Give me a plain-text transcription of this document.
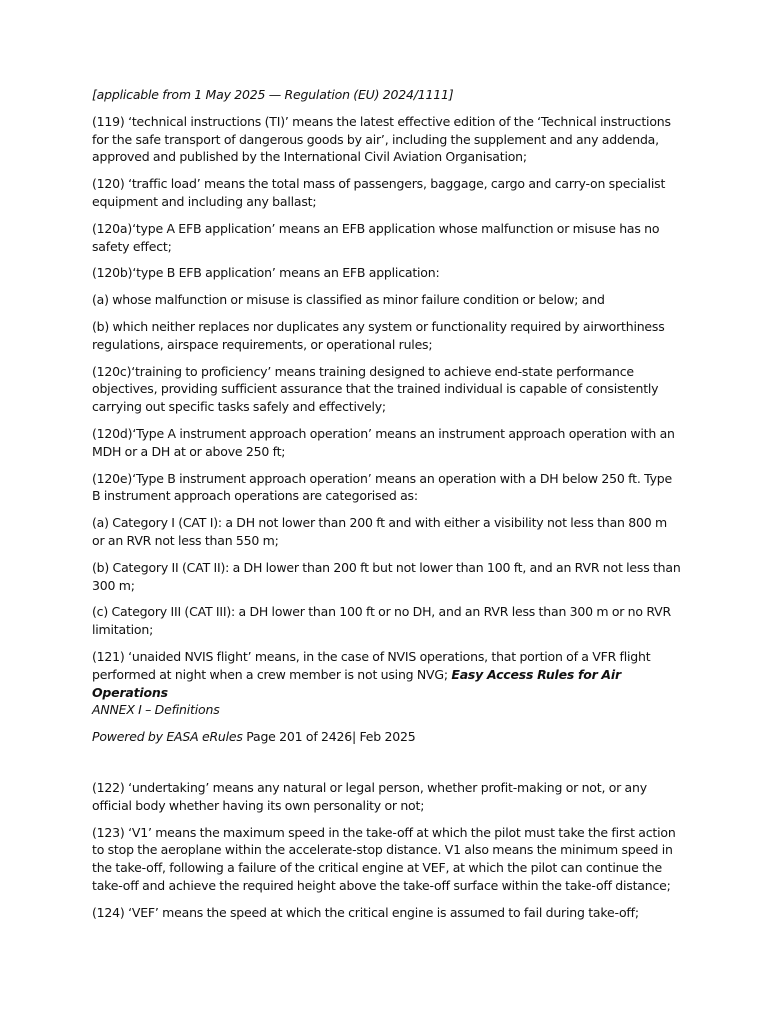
[applicable from 1 May 2025 — Regulation (EU) 2024/1111]

(119) ‘technical instructions (TI)’ means the latest effective edition of the ‘Technical instructions for the safe transport of dangerous goods by air’, including the supplement and any addenda, approved and published by the International Civil Aviation Organisation;

(120) ‘traffic load’ means the total mass of passengers, baggage, cargo and carry-on specialist equipment and including any ballast;

(120a)‘type A EFB application’ means an EFB application whose malfunction or misuse has no safety effect;

(120b)‘type B EFB application’ means an EFB application:

(a) whose malfunction or misuse is classified as minor failure condition or below; and

(b) which neither replaces nor duplicates any system or functionality required by airworthiness regulations, airspace requirements, or operational rules;

(120c)‘training to proficiency’ means training designed to achieve end-state performance objectives, providing sufficient assurance that the trained individual is capable of consistently carrying out specific tasks safely and effectively;

(120d)‘Type A instrument approach operation’ means an instrument approach operation with an MDH or a DH at or above 250 ft;

(120e)‘Type B instrument approach operation’ means an operation with a DH below 250 ft. Type B instrument approach operations are categorised as:

(a) Category I (CAT I): a DH not lower than 200 ft and with either a visibility not less than 800 m or an RVR not less than 550 m;

(b) Category II (CAT II): a DH lower than 200 ft but not lower than 100 ft, and an RVR not less than 300 m;

(c) Category III (CAT III): a DH lower than 100 ft or no DH, and an RVR less than 300 m or no RVR limitation;

(121) ‘unaided NVIS flight’ means, in the case of NVIS operations, that portion of a VFR flight performed at night when a crew member is not using NVG; Easy Access Rules for Air Operations
ANNEX I – Definitions

Powered by EASA eRules Page 201 of 2426| Feb 2025

(122) ‘undertaking’ means any natural or legal person, whether profit-making or not, or any official body whether having its own personality or not;

(123) ‘V1’ means the maximum speed in the take-off at which the pilot must take the first action to stop the aeroplane within the accelerate-stop distance. V1 also means the minimum speed in the take-off, following a failure of the critical engine at VEF, at which the pilot can continue the take-off and achieve the required height above the take-off surface within the take-off distance;

(124) ‘VEF’ means the speed at which the critical engine is assumed to fail during take-off;
